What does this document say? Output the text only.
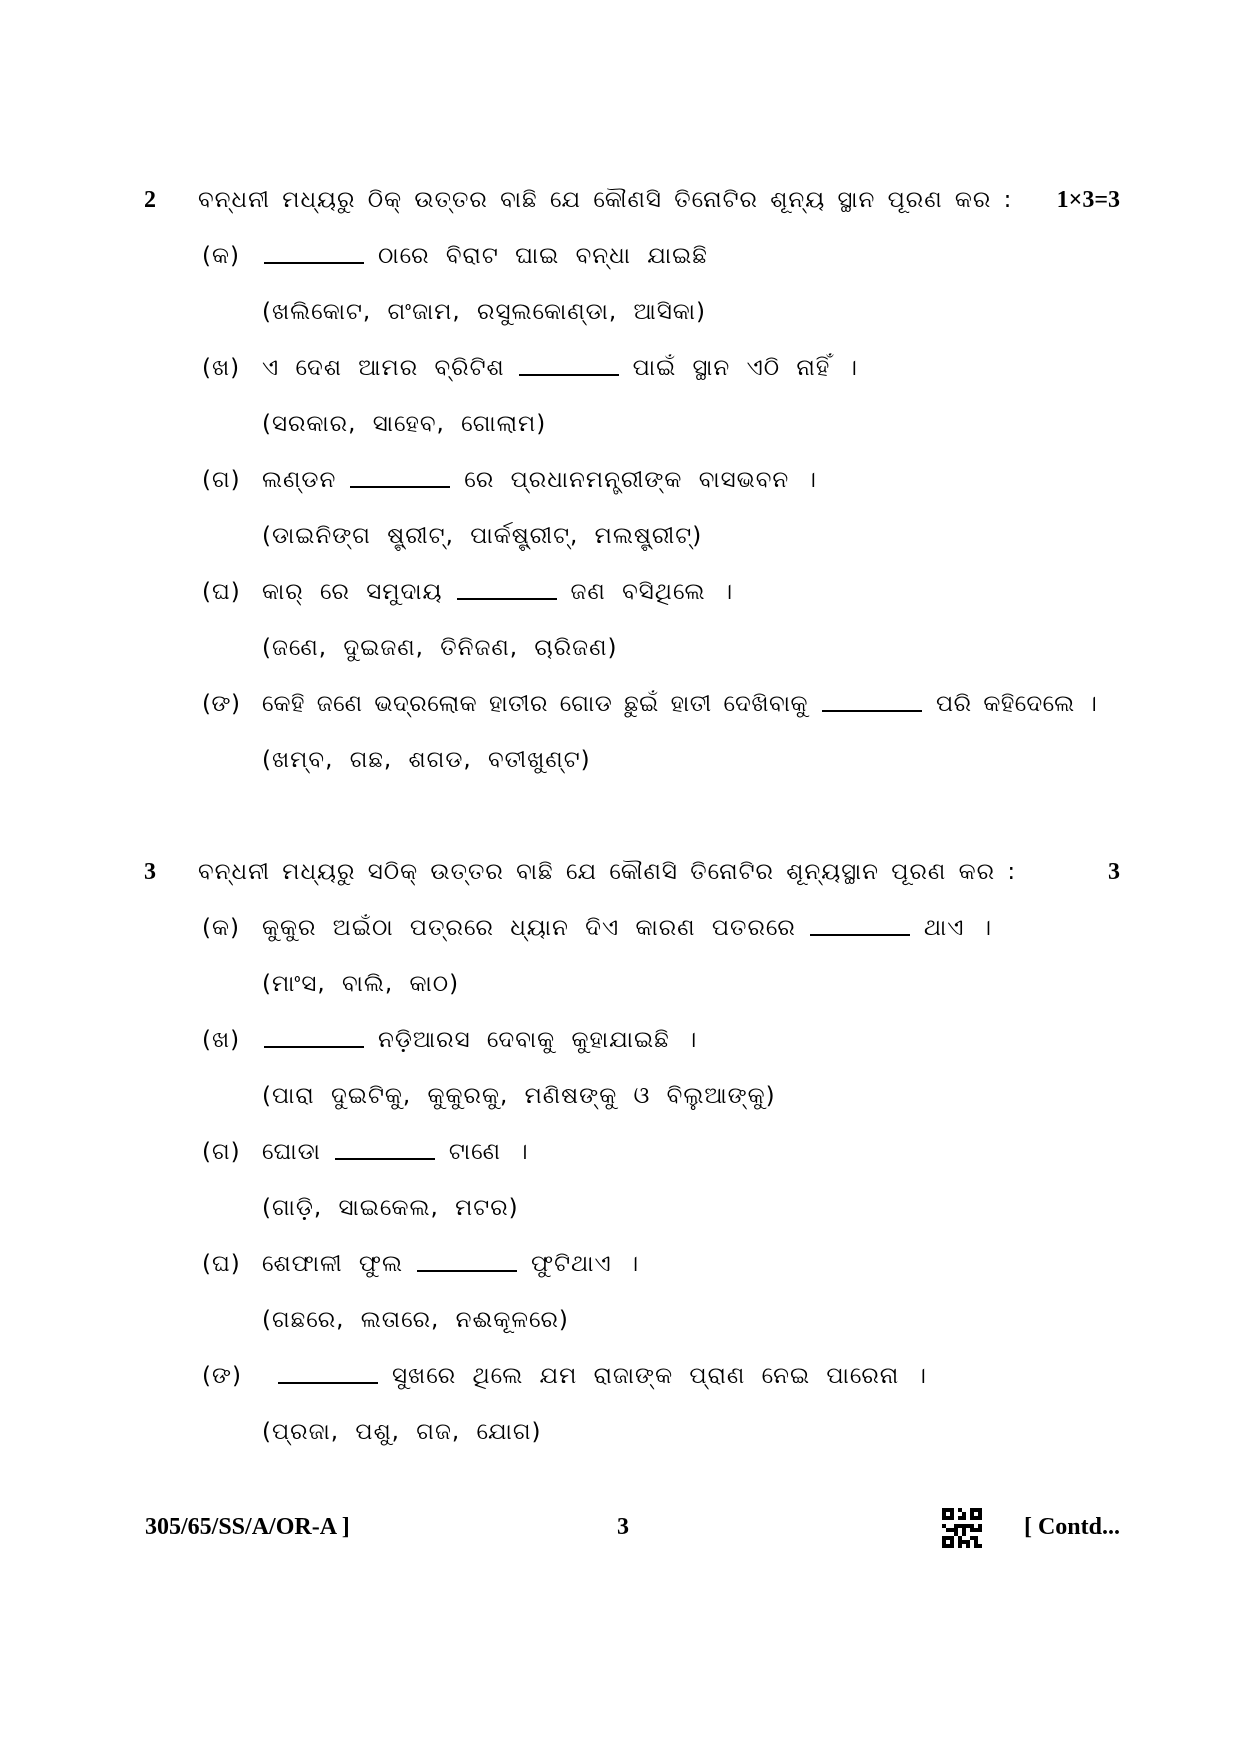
2 ବନ୍ଧନୀ ମଧ୍ୟରୁ ଠିକ୍ ଉତ୍ତର ବାଛି ଯେ କୌଣସି ତିନୋଟିର ଶୂନ୍ୟ ସ୍ଥାନ ପୂରଣ କର : 1×3=3
(କ)	ଠାରେ ବିରାଟ ଘାଇ ବନ୍ଧା ଯାଇଛି
(ଖଲିକୋଟ, ଗଂଜାମ, ରସୁଲକୋଣ୍ଡା, ଆସିକା)
(ଖ) ଏ ଦେଶ ଆମର ବ୍ରିଟିଶ	ପାଇଁ ସ୍ଥାନ ଏଠି ନାହିଁ ।
(ସରକାର, ସାହେବ, ଗୋଲାମ)
(ଗ) ଲଣ୍ଡନ	ରେ ପ୍ରଧାନମନ୍ତ୍ରୀଙ୍କ ବାସଭବନ ।
(ଡାଇନିଙ୍ଗ ଷ୍ଟ୍ରୀଟ୍, ପାର୍କଷ୍ଟ୍ରୀଟ୍, ମଲଷ୍ଟ୍ରୀଟ୍)
(ଘ) କାର୍ ରେ ସମୁଦାୟ	ଜଣ ବସିଥିଲେ ।
(ଜଣେ, ଦୁଇଜଣ, ତିନିଜଣ, ଚାରିଜଣ)
(ଙ) କେହି ଜଣେ ଭଦ୍ରଲୋକ ହାତୀର ଗୋଡ ଛୁଇଁ ହାତୀ ଦେଖିବାକୁ	ପରି କହିଦେଲେ ।
(ଖମ୍ବ, ଗଛ, ଶଗଡ, ବତୀଖୁଣ୍ଟ)
3 ବନ୍ଧନୀ ମଧ୍ୟରୁ ସଠିକ୍ ଉତ୍ତର ବାଛି ଯେ କୌଣସି ତିନୋଟିର ଶୂନ୍ୟସ୍ଥାନ ପୂରଣ କର :	3
(କ) କୁକୁର ଅଇଁଠା ପତ୍ରରେ ଧ୍ୟାନ ଦିଏ କାରଣ ପତରରେ	ଥାଏ ।
(ମାଂସ, ବାଲି, କାଠ)
(ଖ)	ନଡ଼ିଆରସ ଦେବାକୁ କୁହାଯାଇଛି ।
(ପାରା ଦୁଇଟିକୁ, କୁକୁରକୁ, ମଣିଷଙ୍କୁ ଓ ବିଲୁଆଙ୍କୁ)
(ଗ) ଘୋଡା	ଟାଣେ ।
(ଗାଡ଼ି, ସାଇକେଲ, ମଟର)
(ଘ) ଶେଫାଳୀ ଫୁଲ	ଫୁଟିଥାଏ ।
(ଗଛରେ, ଲତାରେ, ନଈକୂଳରେ)
(ଙ)	ସୁଖରେ ଥିଲେ ଯମ ରାଜାଙ୍କ ପ୍ରାଣ ନେଇ ପାରେନା ।
(ପ୍ରଜା, ପଶୁ, ଗଜ, ଯୋଗ)
305/65/SS/A/OR-A ]	3	[ Contd...
